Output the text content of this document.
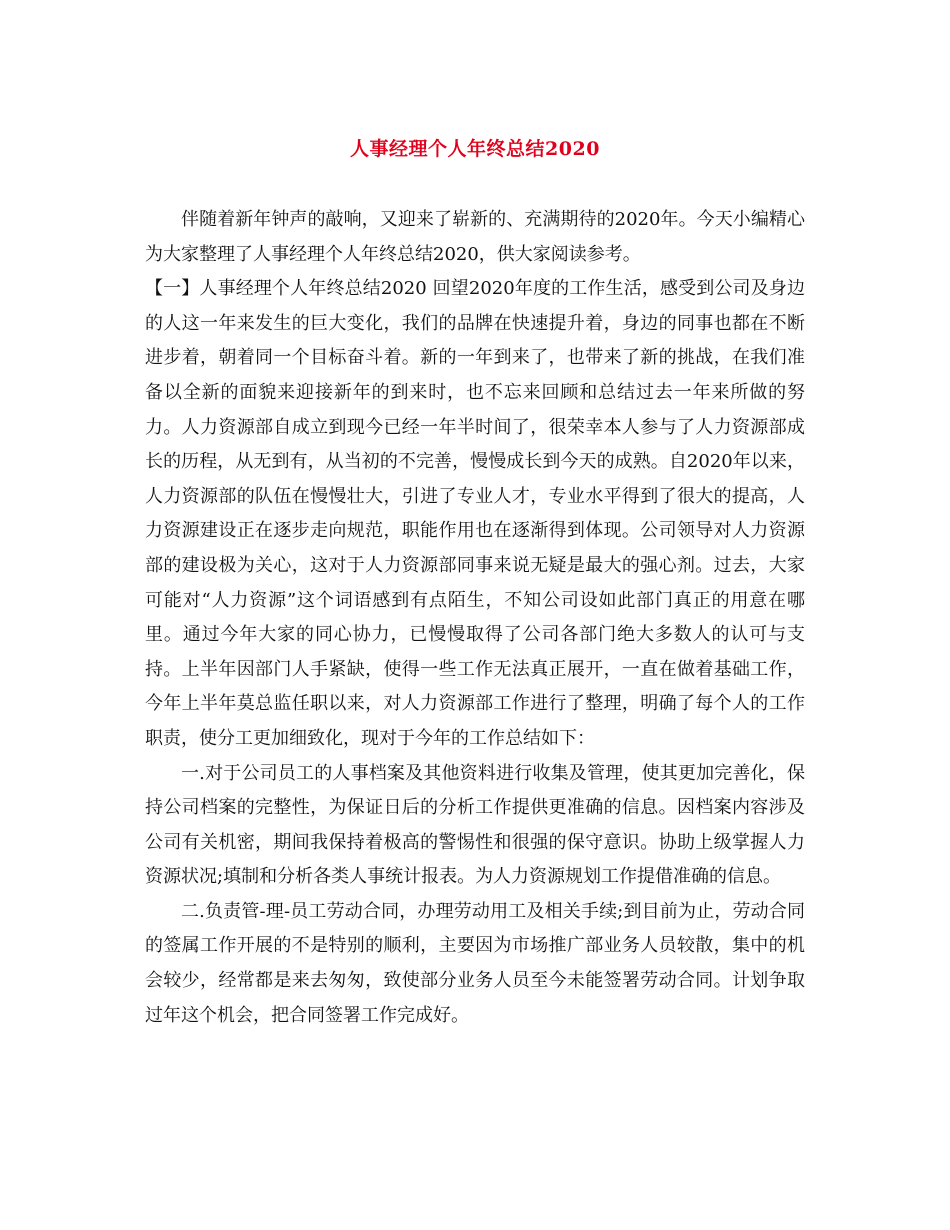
人事经理个人年终总结2020

伴随着新年钟声的敲响，又迎来了崭新的、充满期待的2020年。今天小编精心为大家整理了人事经理个人年终总结2020，供大家阅读参考。

【一】人事经理个人年终总结2020 回望2020年度的工作生活，感受到公司及身边的人这一年来发生的巨大变化，我们的品牌在快速提升着，身边的同事也都在不断进步着，朝着同一个目标奋斗着。新的一年到来了，也带来了新的挑战，在我们准备以全新的面貌来迎接新年的到来时，也不忘来回顾和总结过去一年来所做的努力。人力资源部自成立到现今已经一年半时间了，很荣幸本人参与了人力资源部成长的历程，从无到有，从当初的不完善，慢慢成长到今天的成熟。自2020年以来，人力资源部的队伍在慢慢壮大，引进了专业人才，专业水平得到了很大的提高，人力资源建设正在逐步走向规范，职能作用也在逐渐得到体现。公司领导对人力资源部的建设极为关心，这对于人力资源部同事来说无疑是最大的强心剂。过去，大家可能对“人力资源”这个词语感到有点陌生，不知公司设如此部门真正的用意在哪里。通过今年大家的同心协力，已慢慢取得了公司各部门绝大多数人的认可与支持。上半年因部门人手紧缺，使得一些工作无法真正展开，一直在做着基础工作，今年上半年莫总监任职以来，对人力资源部工作进行了整理，明确了每个人的工作职责，使分工更加细致化，现对于今年的工作总结如下：

一.对于公司员工的人事档案及其他资料进行收集及管理，使其更加完善化，保持公司档案的完整性，为保证日后的分析工作提供更准确的信息。因档案内容涉及公司有关机密，期间我保持着极高的警惕性和很强的保守意识。协助上级掌握人力资源状况;填制和分析各类人事统计报表。为人力资源规划工作提借准确的信息。

二.负责管-理-员工劳动合同，办理劳动用工及相关手续;到目前为止，劳动合同的签属工作开展的不是特别的顺利，主要因为市场推广部业务人员较散，集中的机会较少，经常都是来去匆匆，致使部分业务人员至今未能签署劳动合同。计划争取过年这个机会，把合同签署工作完成好。
